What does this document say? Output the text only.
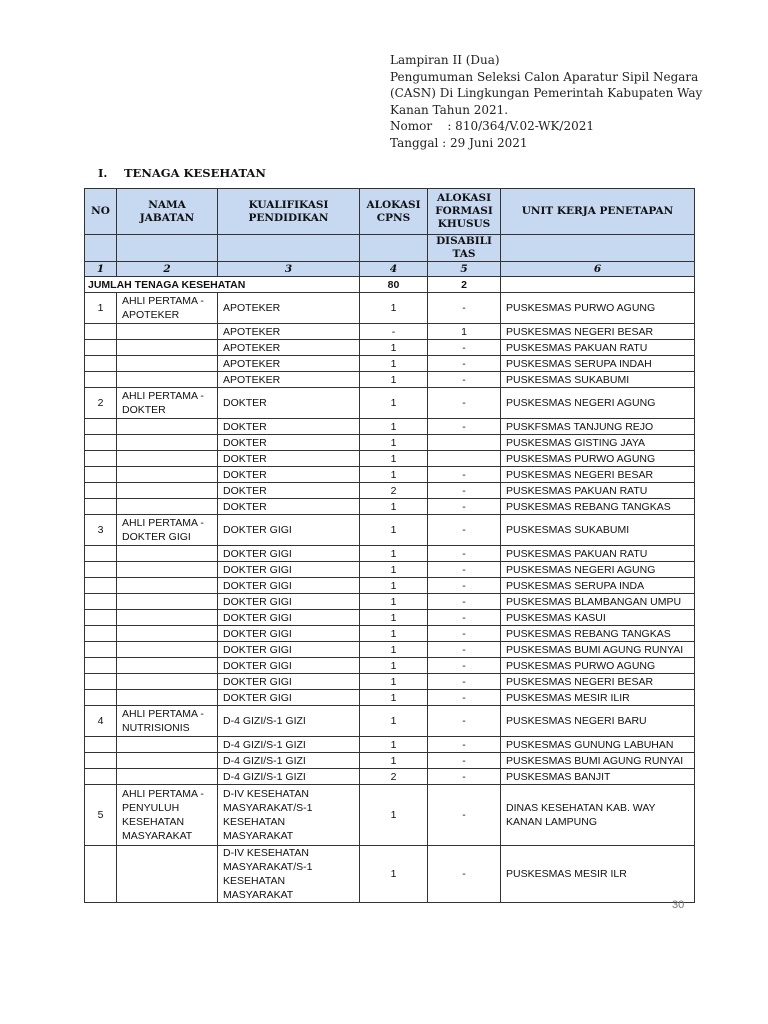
Lampiran II (Dua)
Pengumuman Seleksi Calon Aparatur Sipil Negara
(CASN) Di Lingkungan Pemerintah Kabupaten Way
Kanan Tahun 2021.
Nomor    : 810/364/V.02-WK/2021
Tanggal : 29 Juni 2021
I. TENAGA KESEHATAN
NO	NAMA JABATAN	KUALIFIKASI PENDIDIKAN	ALOKASI CPNS	ALOKASI FORMASI KHUSUS	UNIT KERJA PENETAPAN
				DISABILI TAS	
1	2	3	4	5	6
JUMLAH TENAGA KESEHATAN			80	2	
1	AHLI PERTAMA - APOTEKER	APOTEKER	1	-	PUSKESMAS PURWO AGUNG
		APOTEKER	-	1	PUSKESMAS NEGERI BESAR
		APOTEKER	1	-	PUSKESMAS PAKUAN RATU
		APOTEKER	1	-	PUSKESMAS SERUPA INDAH
		APOTEKER	1	-	PUSKESMAS SUKABUMI
2	AHLI PERTAMA - DOKTER	DOKTER	1	-	PUSKESMAS NEGERI AGUNG
		DOKTER	1	-	PUSKFSMAS TANJUNG REJO
		DOKTER	1		PUSKESMAS GISTING JAYA
		DOKTER	1		PUSKESMAS PURWO AGUNG
		DOKTER	1	-	PUSKESMAS NEGERI BESAR
		DOKTER	2	-	PUSKESMAS PAKUAN RATU
		DOKTER	1	-	PUSKESMAS REBANG TANGKAS
3	AHLI PERTAMA - DOKTER GIGI	DOKTER GIGI	1	-	PUSKESMAS SUKABUMI
		DOKTER GIGI	1	-	PUSKESMAS PAKUAN RATU
		DOKTER GIGI	1	-	PUSKESMAS NEGERI AGUNG
		DOKTER GIGI	1	-	PUSKESMAS SERUPA INDA
		DOKTER GIGI	1	-	PUSKESMAS BLAMBANGAN UMPU
		DOKTER GIGI	1	-	PUSKESMAS KASUI
		DOKTER GIGI	1	-	PUSKESMAS REBANG TANGKAS
		DOKTER GIGI	1	-	PUSKESMAS BUMI AGUNG RUNYAI
		DOKTER GIGI	1	-	PUSKESMAS PURWO AGUNG
		DOKTER GIGI	1	-	PUSKESMAS NEGERI BESAR
		DOKTER GIGI	1	-	PUSKESMAS MESIR ILIR
4	AHLI PERTAMA - NUTRISIONIS	D-4 GIZI/S-1 GIZI	1	-	PUSKESMAS NEGERI BARU
		D-4 GIZI/S-1 GIZI	1	-	PUSKESMAS GUNUNG LABUHAN
		D-4 GIZI/S-1 GIZI	1	-	PUSKESMAS BUMI AGUNG RUNYAI
		D-4 GIZI/S-1 GIZI	2	-	PUSKESMAS BANJIT
5	AHLI PERTAMA - PENYULUH KESEHATAN MASYARAKAT	D-IV KESEHATAN MASYARAKAT/S-1 KESEHATAN MASYARAKAT	1	-	DINAS KESEHATAN KAB. WAY KANAN LAMPUNG
		D-IV KESEHATAN MASYARAKAT/S-1 KESEHATAN MASYARAKAT	1	-	PUSKESMAS MESIR ILR
30
